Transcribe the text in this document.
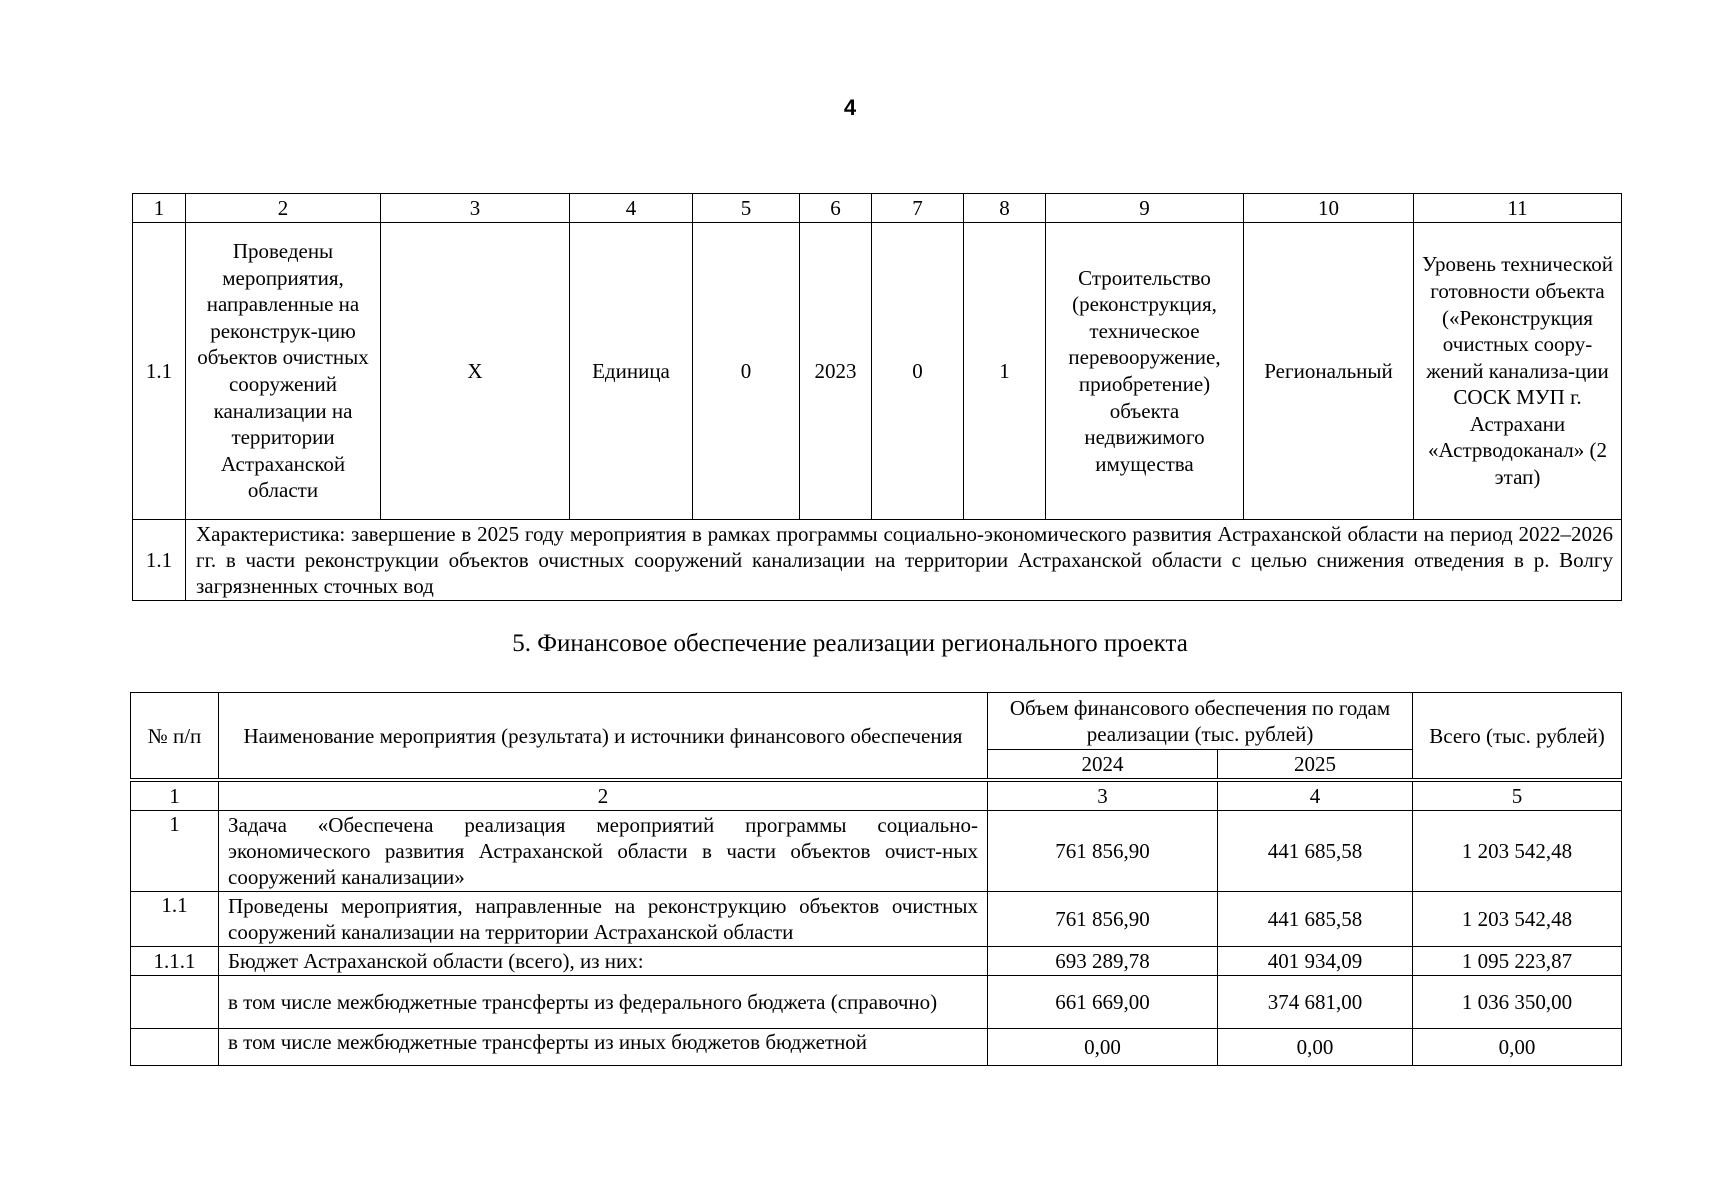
4
1	2	3	4	5	6	7	8	9	10	11
1.1	Проведены мероприятия, направленные на реконструк-цию объектов очистных сооружений канализации на территории Астраханской области	X	Единица	0	2023	0	1	Строительство (реконструкция, техническое перевооружение, приобретение) объекта недвижимого имущества	Региональный	Уровень технической готовности объекта («Реконструкция очистных соору-жений канализа-ции СОСК МУП г. Астрахани «Астрводоканал» (2 этап)
1.1	Характеристика: завершение в 2025 году мероприятия в рамках программы социально-экономического развития Астраханской области на период 2022–2026 гг. в части реконструкции объектов очистных сооружений канализации на территории Астраханской области с целью снижения отведения в р. Волгу загрязненных сточных вод									
5. Финансовое обеспечение реализации регионального проекта
№ п/п	Наименование мероприятия (результата) и источники финансового обеспечения	Объем финансового обеспечения по годам реализации (тыс. рублей)		Всего (тыс. рублей)
		2024	2025	
1	2	3	4	5
1	Задача «Обеспечена реализация мероприятий программы социально-экономического развития Астраханской области в части объектов очист-ных сооружений канализации»	761 856,90	441 685,58	1 203 542,48
1.1	Проведены мероприятия, направленные на реконструкцию объектов очистных сооружений канализации на территории Астраханской области	761 856,90	441 685,58	1 203 542,48
1.1.1	Бюджет Астраханской области (всего), из них:	693 289,78	401 934,09	1 095 223,87
	в том числе межбюджетные трансферты из федерального бюджета (справочно)	661 669,00	374 681,00	1 036 350,00
	в том числе межбюджетные трансферты из иных бюджетов бюджетной	0,00	0,00	0,00
